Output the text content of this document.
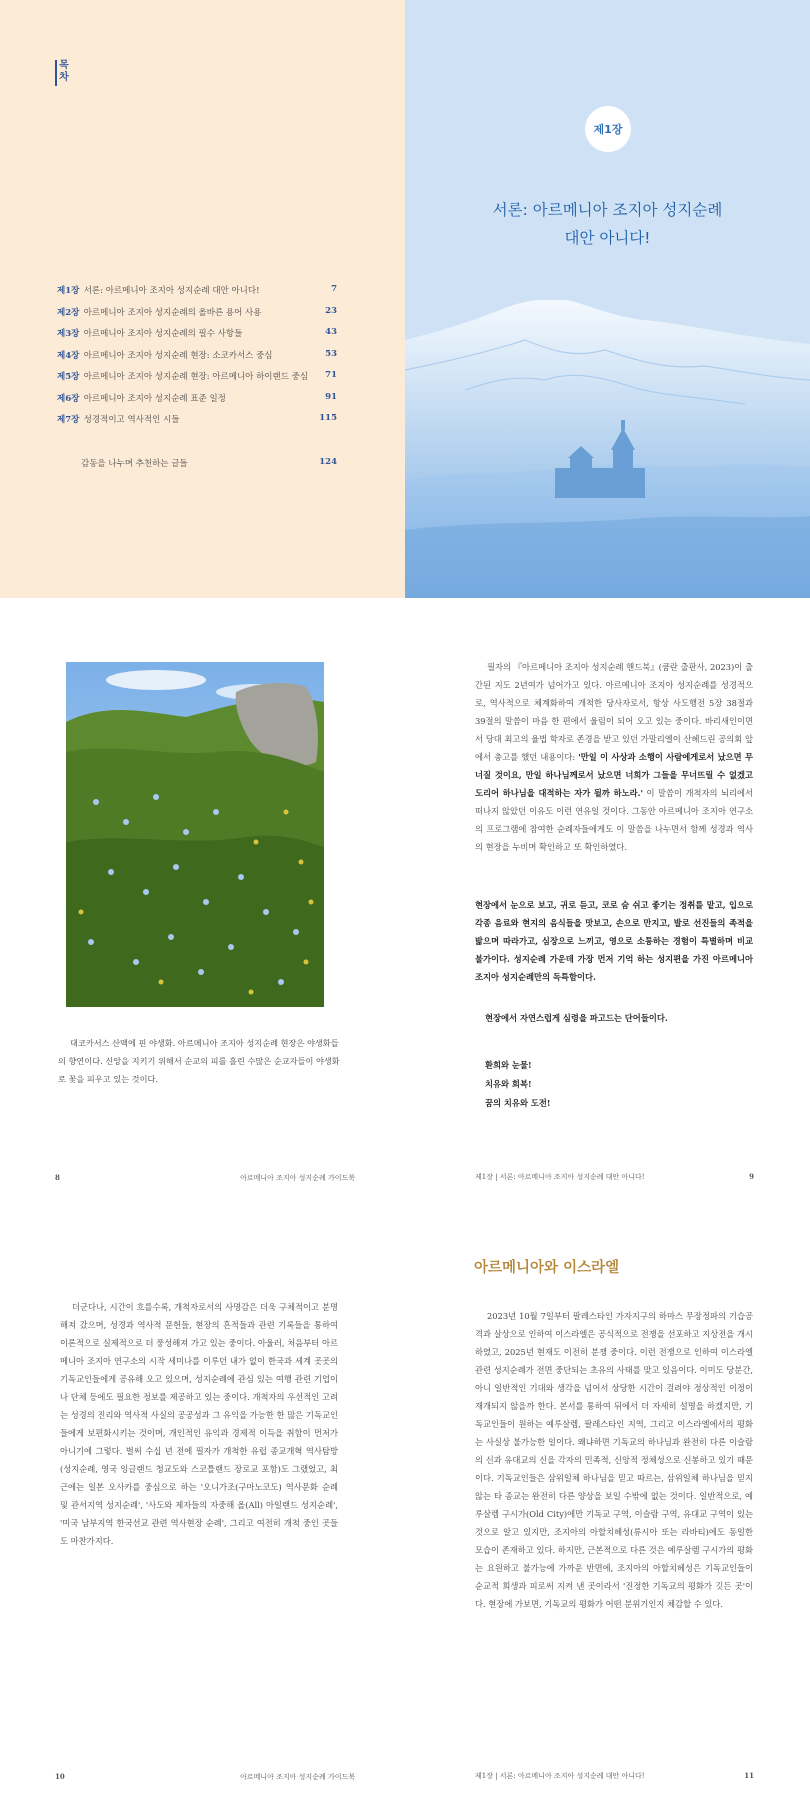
목차
제1장 서론: 아르메니아 조지아 성지순례 대안 아니다!	7
제2장 아르메니아 조지아 성지순례의 올바른 용어 사용	23
제3장 아르메니아 조지아 성지순례의 필수 사항들	43
제4장 아르메니아 조지아 성지순례 현장: 소코카서스 중심	53
제5장 아르메니아 조지아 성지순례 현장: 아르메니아 하이랜드 중심 71
제6장 아르메니아 조지아 성지순례 표준 일정	91
제7장 성경적이고 역사적인 시들	115
감동을 나누며 추천하는 글들	124
제1장
서론: 아르메니아 조지아 성지순례
대안 아니다!

대코카서스 산맥에 핀 야생화. 아르메니아 조지아 성지순례 현장은 야생화들의 향연이다. 신앙을 지키기 위해서 순교의 피를 흘린 수많은 순교자들이 야생화로 꽃을 피우고 있는 것이다.

8	아르메니아 조지아 성지순례 가이드북

필자의 『아르메니아 조지아 성지순례 핸드북』(쿰란 출판사, 2023)이 출간된 지도 2년여가 넘어가고 있다. 아르메니아 조지아 성지순례를 성경적으로, 역사적으로 체계화하여 개척한 당사자로서, 항상 사도행전 5장 38절과 39절의 말씀이 마음 한 편에서 울림이 되어 오고 있는 중이다. 바리새인이면서 당대 최고의 율법 학자로 존경을 받고 있던 가말리엘이 산헤드린 공의회 앞에서 충고를 했던 내용이다: '만일 이 사상과 소행이 사람에게로서 났으면 무너질 것이요, 만일 하나님께로서 났으면 너희가 그들을 무너뜨릴 수 없겠고 도리어 하나님을 대적하는 자가 될까 하노라.' 이 말씀이 개척자의 뇌리에서 떠나지 않았던 이유도 이런 연유일 것이다. 그동안 아르메니아 조지아 연구소의 프로그램에 참여한 순례자들에게도 이 말씀을 나누면서 함께 성경과 역사의 현장을 누비며 확인하고 또 확인하였다.

현장에서 눈으로 보고, 귀로 듣고, 코로 숨 쉬고 좋기는 정취를 맡고, 입으로 각종 음료와 현지의 음식들을 맛보고, 손으로 만지고, 발로 선진들의 족적을 밟으며 따라가고, 심장으로 느끼고, 영으로 소통하는 경험이 특별하며 비교 불가이다. 성지순례 가운데 가장 먼저 기억 하는 성지편을 가진 아르메니아 조지아 성지순례만의 독특함이다.

현장에서 자연스럽게 심령을 파고드는 단어들이다.

환희와 눈물!
치유와 회복!
꿈의 치유와 도전!
제1장 | 서론: 아르메니아 조지아 성지순례 대안 아니다!	9

더군다나, 시간이 흐를수록, 개척자로서의 사명감은 더욱 구체적이고 분명해져 갔으며, 성경과 역사적 문헌들, 현장의 흔적들과 관련 기록들을 통하여 이론적으로 실제적으로 더 풍성해져 가고 있는 중이다. 아울러, 처음부터 아르메니아 조지아 연구소의 시작 세미나를 이루던 내가 없이 한국과 세계 곳곳의 기독교인들에게 공유해 오고 있으며, 성지순례에 관심 있는 여행 관련 기업이나 단체 등에도 필요한 정보를 제공하고 있는 중이다. 개척자의 우선적인 고려는 성경의 진리와 역사적 사실의 공공성과 그 유익을 가능한 한 많은 기독교인들에게 보편화시키는 것이며, 개인적인 유익과 경제적 이득을 취함이 먼저가 아니기에 그렇다. 벌써 수십 년 전에 필자가 개척한 유럽 종교개혁 역사탐방(성지순례, 영국 잉글랜드 청교도와 스코틀랜드 장로교 포함)도 그랬었고, 최근에는 일본 오사카를 중심으로 하는 '오니가조(구마노코도) 역사문화 순례 및 관서지역 성지순례', '사도와 제자들의 자중해 올(All) 아일랜드 성지순례', '미국 남부지역 한국선교 관련 역사현장 순례', 그리고 여전히 개척 중인 곳들도 마찬가지다.

10	아르메니아 조지아 성지순례 가이드북
아르메니아와 이스라엘

2023년 10월 7일부터 팔레스타인 가자지구의 하마스 무장정파의 기습공격과 살상으로 인하여 이스라엘은 공식적으로 전쟁을 선포하고 지상전을 개시하였고, 2025년 현재도 이전히 분쟁 중이다. 이런 전쟁으로 인하여 이스라엘 관련 성지순례가 전면 중단되는 초유의 사태를 맞고 있음이다. 이미도 당분간, 아니 일반적인 기대와 생각을 넘어서 상당한 시간이 걸려야 정상적인 이정이 재개되지 않을까 한다. 본서를 통하여 뒤에서 더 자세히 설명을 하겠지만, 기독교인들이 원하는 예루살렘, 팔레스타인 지역, 그리고 이스라엘에서의 평화는 사실상 불가능한 일이다. 왜냐하면 기독교의 하나님과 완전히 다른 이슬람의 신과 유대교의 신을 각자의 민족적, 신앙적 정체성으로 신봉하고 있기 때문이다. 기독교인들은 삼위일체 하나님을 믿고 따르는, 삼위일체 하나님을 믿지 않는 타 종교는 완전히 다른 양상을 보일 수밖에 없는 것이다. 일반적으로, 예루살렘 구시가(Old City)에만 기독교 구역, 이슬람 구역, 유대교 구역이 있는 것으로 알고 있지만, 조지아의 아할치헤성(류시아 또는 라바티)에도 동일한 모습이 존재하고 있다. 하지만, 근본적으로 다른 것은 예루살렘 구시가의 평화는 요원하고 불가능에 가까운 반면에, 조지아의 아할치헤성은 기독교인들이 순교적 희생과 피로써 지켜 낸 곳이라서 '진정한 기독교의 평화가 깃든 곳'이다. 현장에 가보면, 기독교의 평화가 어떤 분위기인지 체감할 수 있다.

제1장 | 서론: 아르메니아 조지아 성지순례 대안 아니다!	11
